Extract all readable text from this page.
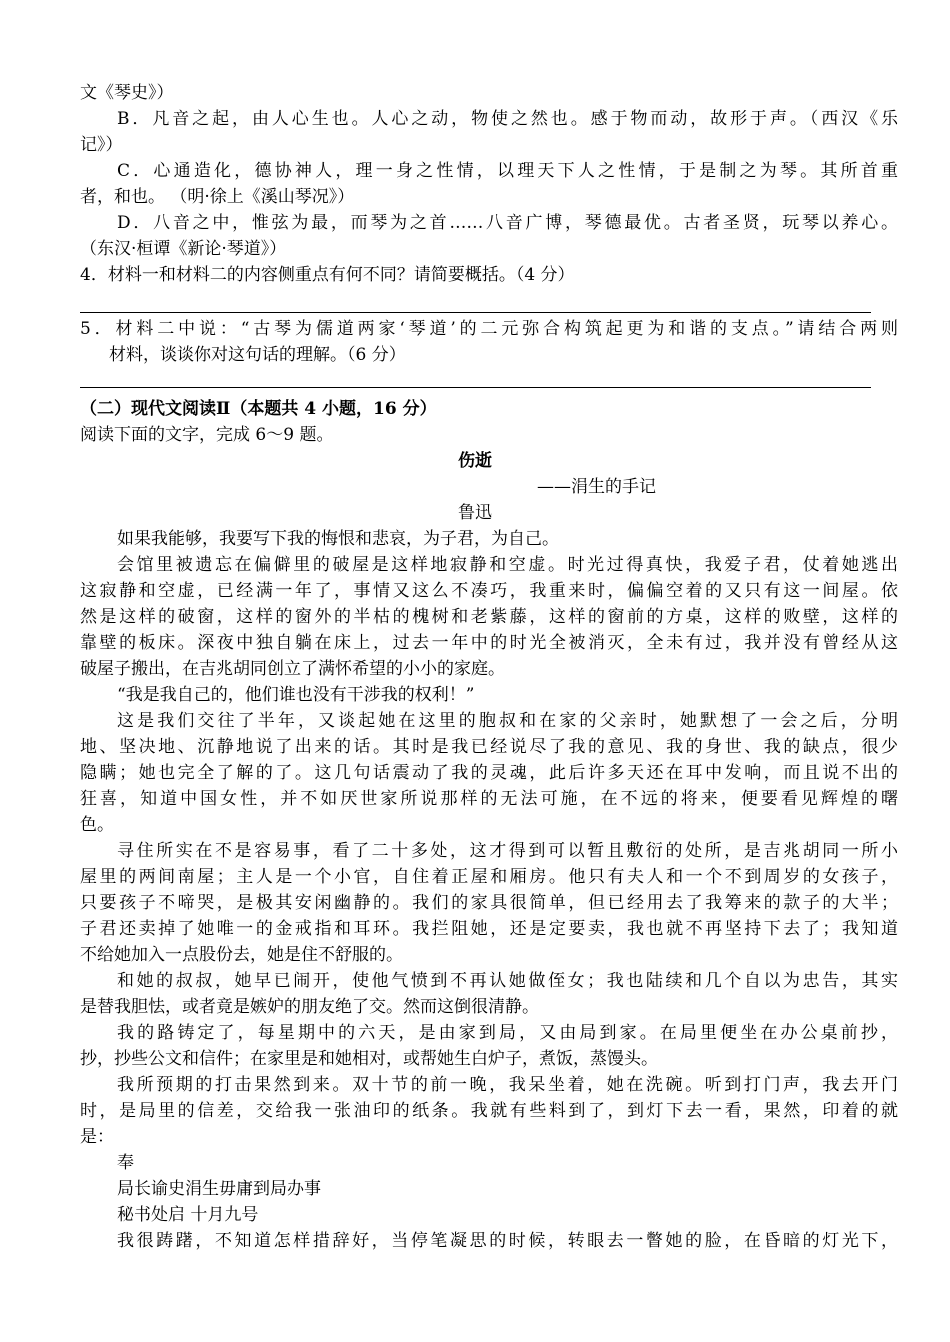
文《琴史》）
B．凡音之起，由人心生也。人心之动，物使之然也。感于物而动，故形于声。（西汉《乐
记》）
C．心通造化，德协神人，理一身之性情，以理天下人之性情，于是制之为琴。其所首重
者，和也。 （明·徐上《溪山琴况》）
D．八音之中，惟弦为最，而琴为之首……八音广博，琴德最优。古者圣贤，玩琴以养心。
（东汉·桓谭《新论·琴道》）
4．材料一和材料二的内容侧重点有何不同？请简要概括。（4 分）
5．材料二中说：“古琴为儒道两家‘琴道’的二元弥合构筑起更为和谐的支点。”请结合两则
材料，谈谈你对这句话的理解。（6 分）
（二）现代文阅读Ⅱ（本题共 4 小题，16 分）
阅读下面的文字，完成 6～9 题。
伤逝
——涓生的手记
鲁迅
如果我能够，我要写下我的悔恨和悲哀，为子君，为自己。
会馆里被遗忘在偏僻里的破屋是这样地寂静和空虚。时光过得真快，我爱子君，仗着她逃出
这寂静和空虚，已经满一年了，事情又这么不凑巧，我重来时，偏偏空着的又只有这一间屋。依
然是这样的破窗，这样的窗外的半枯的槐树和老紫藤，这样的窗前的方桌，这样的败壁，这样的
靠壁的板床。深夜中独自躺在床上，过去一年中的时光全被消灭，全未有过，我并没有曾经从这
破屋子搬出，在吉兆胡同创立了满怀希望的小小的家庭。
“我是我自己的，他们谁也没有干涉我的权利！”
这是我们交往了半年，又谈起她在这里的胞叔和在家的父亲时，她默想了一会之后，分明
地、坚决地、沉静地说了出来的话。其时是我已经说尽了我的意见、我的身世、我的缺点，很少
隐瞒；她也完全了解的了。这几句话震动了我的灵魂，此后许多天还在耳中发响，而且说不出的
狂喜，知道中国女性，并不如厌世家所说那样的无法可施，在不远的将来，便要看见辉煌的曙
色。
寻住所实在不是容易事，看了二十多处，这才得到可以暂且敷衍的处所，是吉兆胡同一所小
屋里的两间南屋；主人是一个小官，自住着正屋和厢房。他只有夫人和一个不到周岁的女孩子，
只要孩子不啼哭，是极其安闲幽静的。我们的家具很简单，但已经用去了我筹来的款子的大半；
子君还卖掉了她唯一的金戒指和耳环。我拦阻她，还是定要卖，我也就不再坚持下去了；我知道
不给她加入一点股份去，她是住不舒服的。
和她的叔叔，她早已闹开，使他气愤到不再认她做侄女；我也陆续和几个自以为忠告，其实
是替我胆怯，或者竟是嫉妒的朋友绝了交。然而这倒很清静。
我的路铸定了，每星期中的六天，是由家到局，又由局到家。在局里便坐在办公桌前抄，
抄，抄些公文和信件；在家里是和她相对，或帮她生白炉子，煮饭，蒸馒头。
我所预期的打击果然到来。双十节的前一晚，我呆坐着，她在洗碗。听到打门声，我去开门
时，是局里的信差，交给我一张油印的纸条。我就有些料到了，到灯下去一看，果然，印着的就
是：
奉
局长谕史涓生毋庸到局办事
秘书处启 十月九号
我很踌躇，不知道怎样措辞好，当停笔凝思的时候，转眼去一瞥她的脸，在昏暗的灯光下，
